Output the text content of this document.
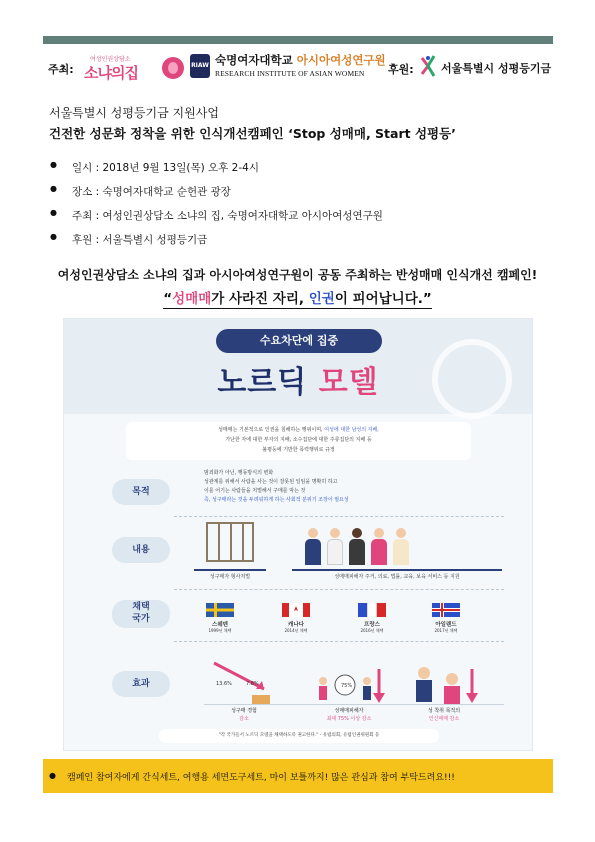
주최:
여성인권상담소
소냐의집	RIAW 숙명여자대학교 아시아여성연구원
RESEARCH INSTITUTE OF ASIAN WOMEN 후원: 서울특별시 성평등기금
서울특별시 성평등기금 지원사업
건전한 성문화 정착을 위한 인식개선캠페인 ‘Stop 성매매, Start 성평등’
● 일시 : 2018년 9월 13일(목) 오후 2-4시
● 장소 : 숙명여자대학교 순헌관 광장
● 주최 : 여성인권상담소 소냐의 집, 숙명여자대학교 아시아여성연구원
● 후원 : 서울특별시 성평등기금
여성인권상담소 소냐의 집과 아시아여성연구원이 공동 주최하는 반성매매 인식개선 캠페인!
“성매매가 사라진 자리, 인권이 피어납니다.”
수요차단에 집중
노르딕 모델
성매매는 기본적으로 인권을 침해하는 행위이며, 여성에 대한 남성의 지배,
가난한 자에 대한 부자의 지배, 소수집단에 대한 주류집단의 지배 등
불평등에 기반한 폭력행위로 규정
목적
범죄화가 아닌, 행동방식의 변화
성관계를 위해서 사람을 사는 것이 잘못된 일임을 명확히 하고
이를 어기는 사람들을 처벌해서 구매를 막는 것
즉, 성구매라는 것을 두려워하게 하는 사회적 분위기 조장이 필요성
내용
성구매자 형사처벌	성매매피해자 주거, 의료, 법률, 교육, 보육 서비스 등 지원
채택
국가
스웨덴
1999년 채택
캐나다
2014년 채택
프랑스
2016년 채택
아일랜드
2017년 채택
효과	13.6%	7.8%	75%
성구매 경험
감소
성매매피해자
최대 75% 이상 감소
성 착취 목적의
인신매매 감소
"각 국가들서 노르딕 모델을 채택하도록 권고한다." - 유럽의회, 유럽인권위원회 등
● 캠페인 참여자에게 간식세트, 여행용 세면도구세트, 마이 보틀까지! 많은 관심과 참여 부탁드려요!!!
